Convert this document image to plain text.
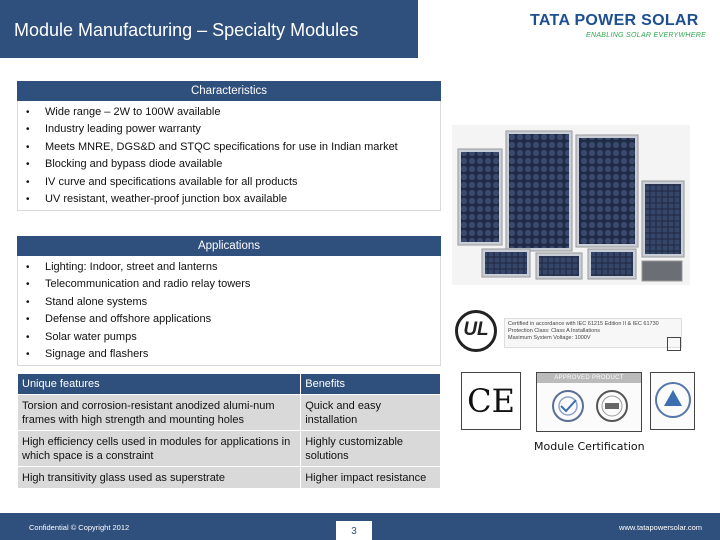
Module Manufacturing – Specialty Modules	TATA POWER SOLAR
ENABLING SOLAR EVERYWHERE
Characteristics
• Wide range – 2W to 100W available
• Industry leading power warranty
• Meets MNRE, DGS&D and STQC specifications for use in Indian market
• Blocking and bypass diode available
• IV curve and specifications available for all products
• UV resistant, weather-proof junction box available
Applications
• Lighting: Indoor, street and lanterns
• Telecommunication and radio relay towers
• Stand alone systems
• Defense and offshore applications
• Solar water pumps
• Signage and flashers
Unique features	Benefits
Torsion and corrosion-resistant anodized alumi-num frames with high strength and mounting holes	Quick and easy installation
High efficiency cells used in modules for applications in which space is a constraint	Highly customizable solutions
High transitivity glass used as superstrate	Higher impact resistance
UL	Certified in accordance with IEC 61215 Edition II & IEC 61730
Protection Class: Class A Installations
Maximum System Voltage: 1000V
CE
APPROVED PRODUCT
Module Certification
Confidential © Copyright 2012	3	www.tatapowersolar.com
